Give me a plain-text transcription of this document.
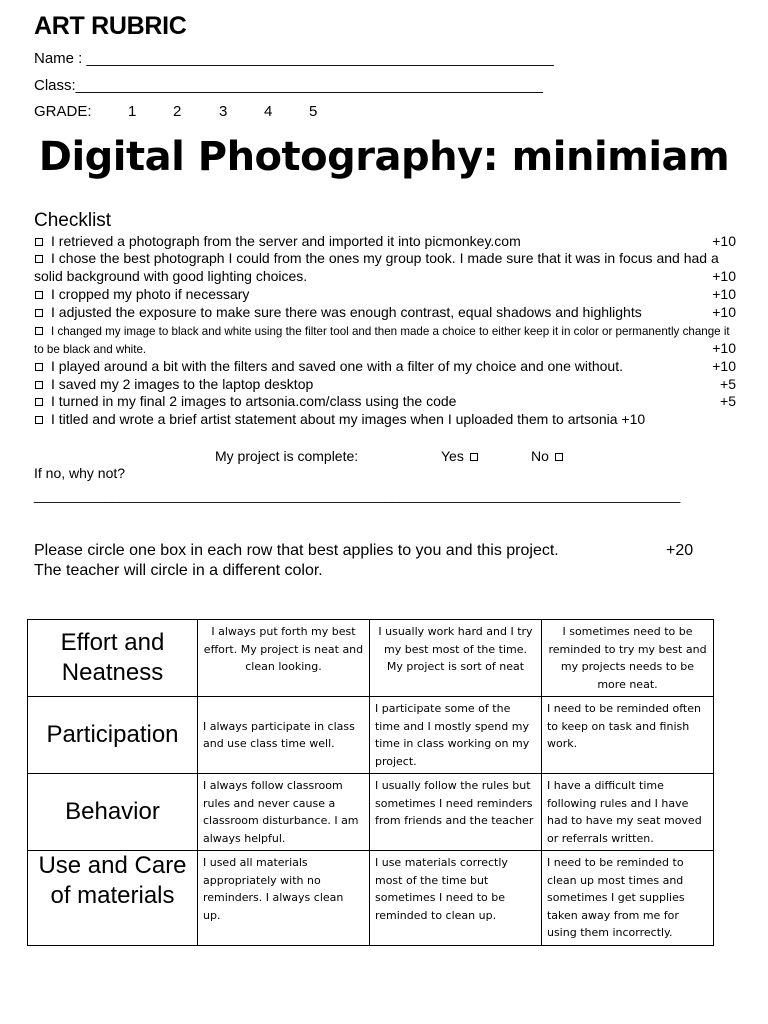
ART RUBRIC
Name : ________________________________________________________
Class:________________________________________________________
GRADE: 1 2	3 4 5
Digital Photography: minimiam
Checklist
I retrieved a photograph from the server and imported it into picmonkey.com	+10
I chose the best photograph I could from the ones my group took. I made sure that it was in focus and had a solid background with good lighting choices.	+10
I cropped my photo if necessary	+10
I adjusted the exposure to make sure there was enough contrast, equal shadows and highlights	+10
I changed my image to black and white using the filter tool and then made a choice to either keep it in color or permanently change it to be black and white.	+10
I played around a bit with the filters and saved one with a filter of my choice and one without.	+10
I saved my 2 images to the laptop desktop	+5
I turned in my final 2 images to artsonia.com/class using the code	+5
I titled and wrote a brief artist statement about my images when I uploaded them to artsonia +10
My project is complete:	Yes	No
If no, why not?
___________________________________________________________________________________
Please circle one box in each row that best applies to you and this project.	+20
The teacher will circle in a different color.
Effort and Neatness	I always put forth my best effort. My project is neat and clean looking.	I usually work hard and I try my best most of the time. My project is sort of neat	I sometimes need to be reminded to try my best and my projects needs to be more neat.
Participation	I always participate in class and use class time well.	I participate some of the time and I mostly spend my time in class working on my project.	I need to be reminded often to keep on task and finish work.
Behavior	I always follow classroom rules and never cause a classroom disturbance. I am always helpful.	I usually follow the rules but sometimes I need reminders from friends and the teacher	I have a difficult time following rules and I have had to have my seat moved or referrals written.
Use and Care of materials	I used all materials appropriately with no reminders. I always clean up.	I use materials correctly most of the time but sometimes I need to be reminded to clean up.	I need to be reminded to clean up most times and sometimes I get supplies taken away from me for using them incorrectly.
